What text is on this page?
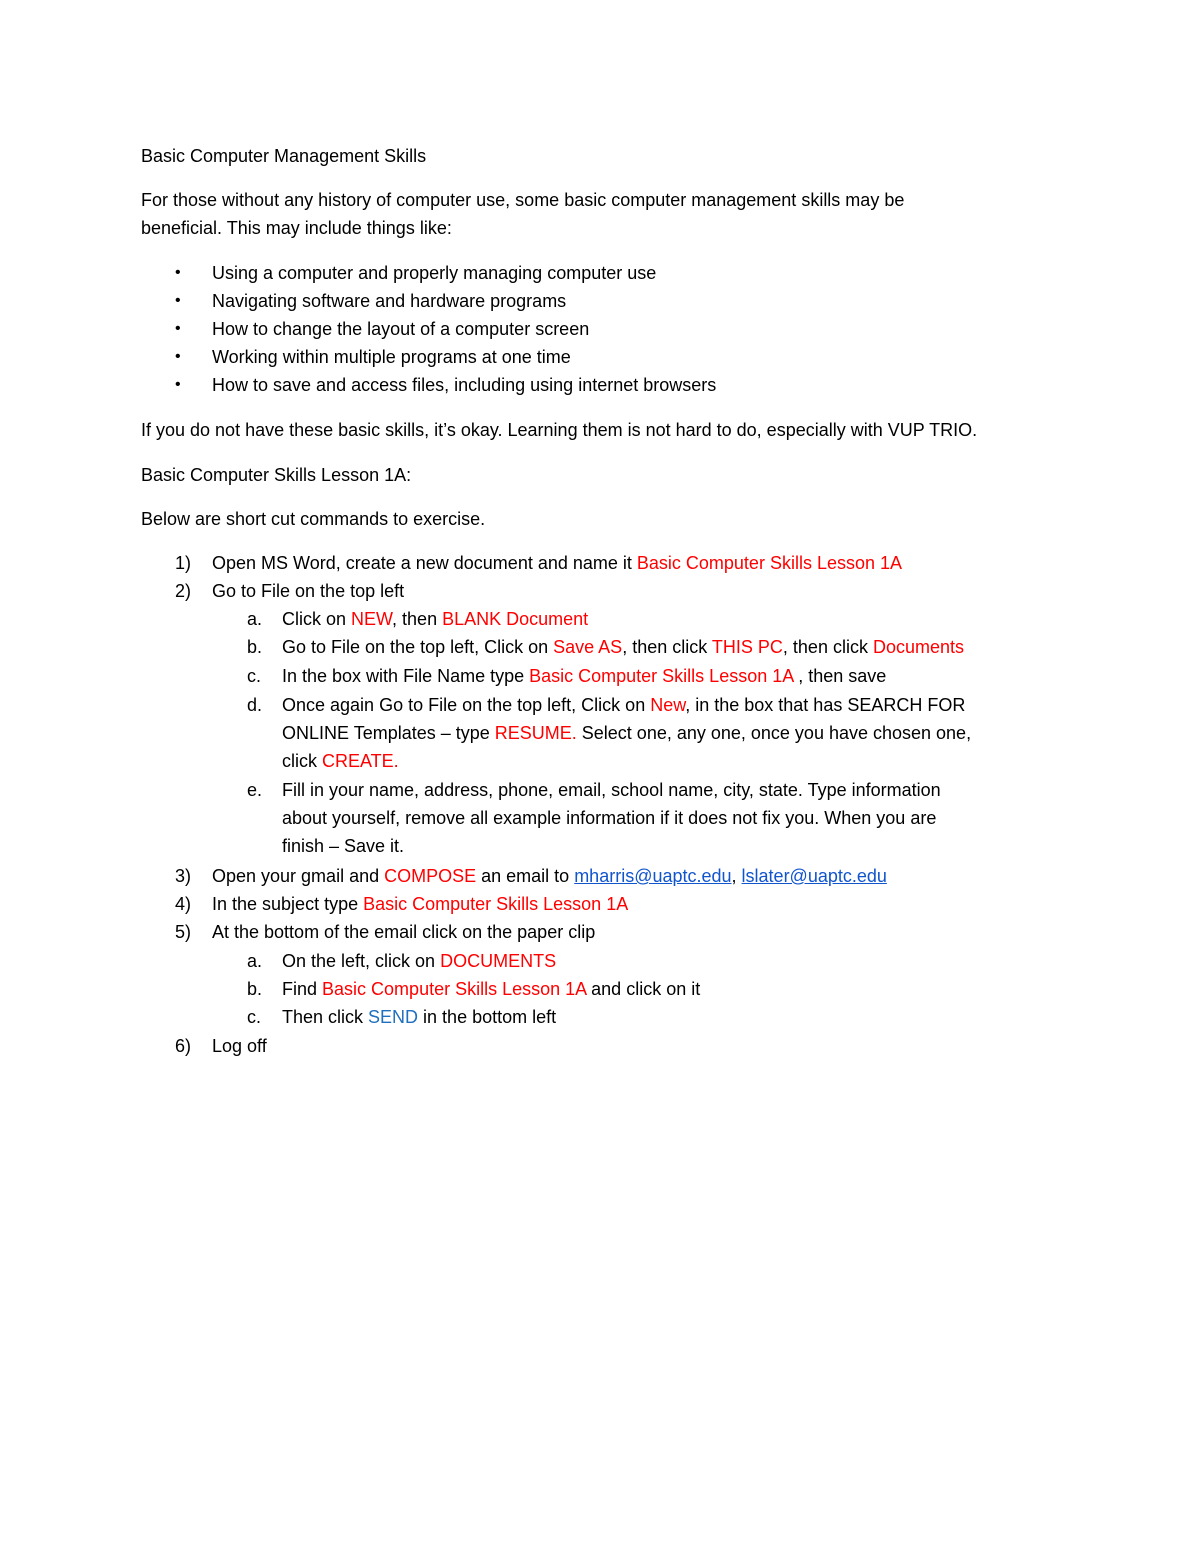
Basic Computer Management Skills
For those without any history of computer use, some basic computer management skills may be
beneficial. This may include things like:
• Using a computer and properly managing computer use
• Navigating software and hardware programs
• How to change the layout of a computer screen
• Working within multiple programs at one time
• How to save and access files, including using internet browsers
If you do not have these basic skills, it’s okay. Learning them is not hard to do, especially with VUP TRIO.
Basic Computer Skills Lesson 1A:
Below are short cut commands to exercise.
1) Open MS Word, create a new document and name it Basic Computer Skills Lesson 1A
2) Go to File on the top left
a. Click on NEW, then BLANK Document
b. Go to File on the top left, Click on Save AS, then click THIS PC, then click Documents
c. In the box with File Name type Basic Computer Skills Lesson 1A , then save
d. Once again Go to File on the top left, Click on New, in the box that has SEARCH FOR
ONLINE Templates – type RESUME. Select one, any one, once you have chosen one,
click CREATE.
e. Fill in your name, address, phone, email, school name, city, state. Type information
about yourself, remove all example information if it does not fix you. When you are
finish – Save it.
3) Open your gmail and COMPOSE an email to mharris@uaptc.edu, lslater@uaptc.edu
4) In the subject type Basic Computer Skills Lesson 1A
5) At the bottom of the email click on the paper clip
a. On the left, click on DOCUMENTS
b. Find Basic Computer Skills Lesson 1A and click on it
c. Then click SEND in the bottom left
6) Log off
